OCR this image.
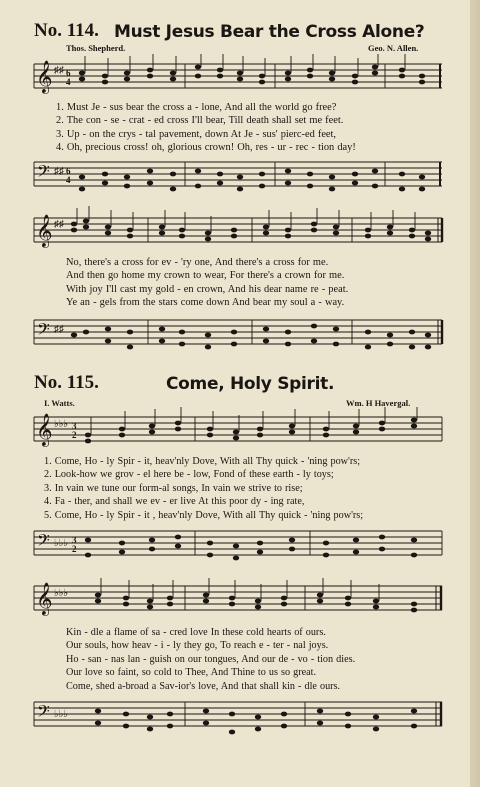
No. 114. Must Jesus Bear the Cross Alone?
Thos. Shepherd.	Geo. N. Allen.
𝄞 ♯♯ 6
4
1. Must Je - sus bear the cross a - lone, And all the world go free?
2. The con - se - crat - ed cross I'll bear, Till death shall set me feet.
3. Up - on the crys - tal pavement, down At Je - sus' pierc-ed feet,
4. Oh, precious cross! oh, glorious crown! Oh, res - ur - rec - tion day!
𝄢 ♯♯ 6
4
𝄞 ♯♯
No, there's a cross for ev - 'ry one, And there's a cross for me.
And then go home my crown to wear, For there's a crown for me.
With joy I'll cast my gold - en crown, And his dear name re - peat.
Ye an - gels from the stars come down And bear my soul a - way.
𝄢 ♯♯
No. 115.	Come, Holy Spirit.
I. Watts.	Wm. H Havergal.
𝄞 ♭♭♭ 3
2
1. Come, Ho - ly Spir - it, heav'nly Dove, With all Thy quick - 'ning pow'rs;
2. Look-how we grov - el here be - low, Fond of these earth - ly toys;
3. In vain we tune our form-al songs, In vain we strive to rise;
4. Fa - ther, and shall we ev - er live At this poor dy - ing rate,
5. Come, Ho - ly Spir - it , heav'nly Dove, With all Thy quick - 'ning pow'rs;
𝄢 ♭♭♭ 3
2
𝄞 ♭♭♭
Kin - dle a flame of sa - cred love In these cold hearts of ours.
Our souls, how heav - i - ly they go, To reach e - ter - nal joys.
Ho - san - nas lan - guish on our tongues, And our de - vo - tion dies.
Our love so faint, so cold to Thee, And Thine to us so great.
Come, shed a-broad a Sav-ior's love, And that shall kin - dle ours.
𝄢 ♭♭♭
